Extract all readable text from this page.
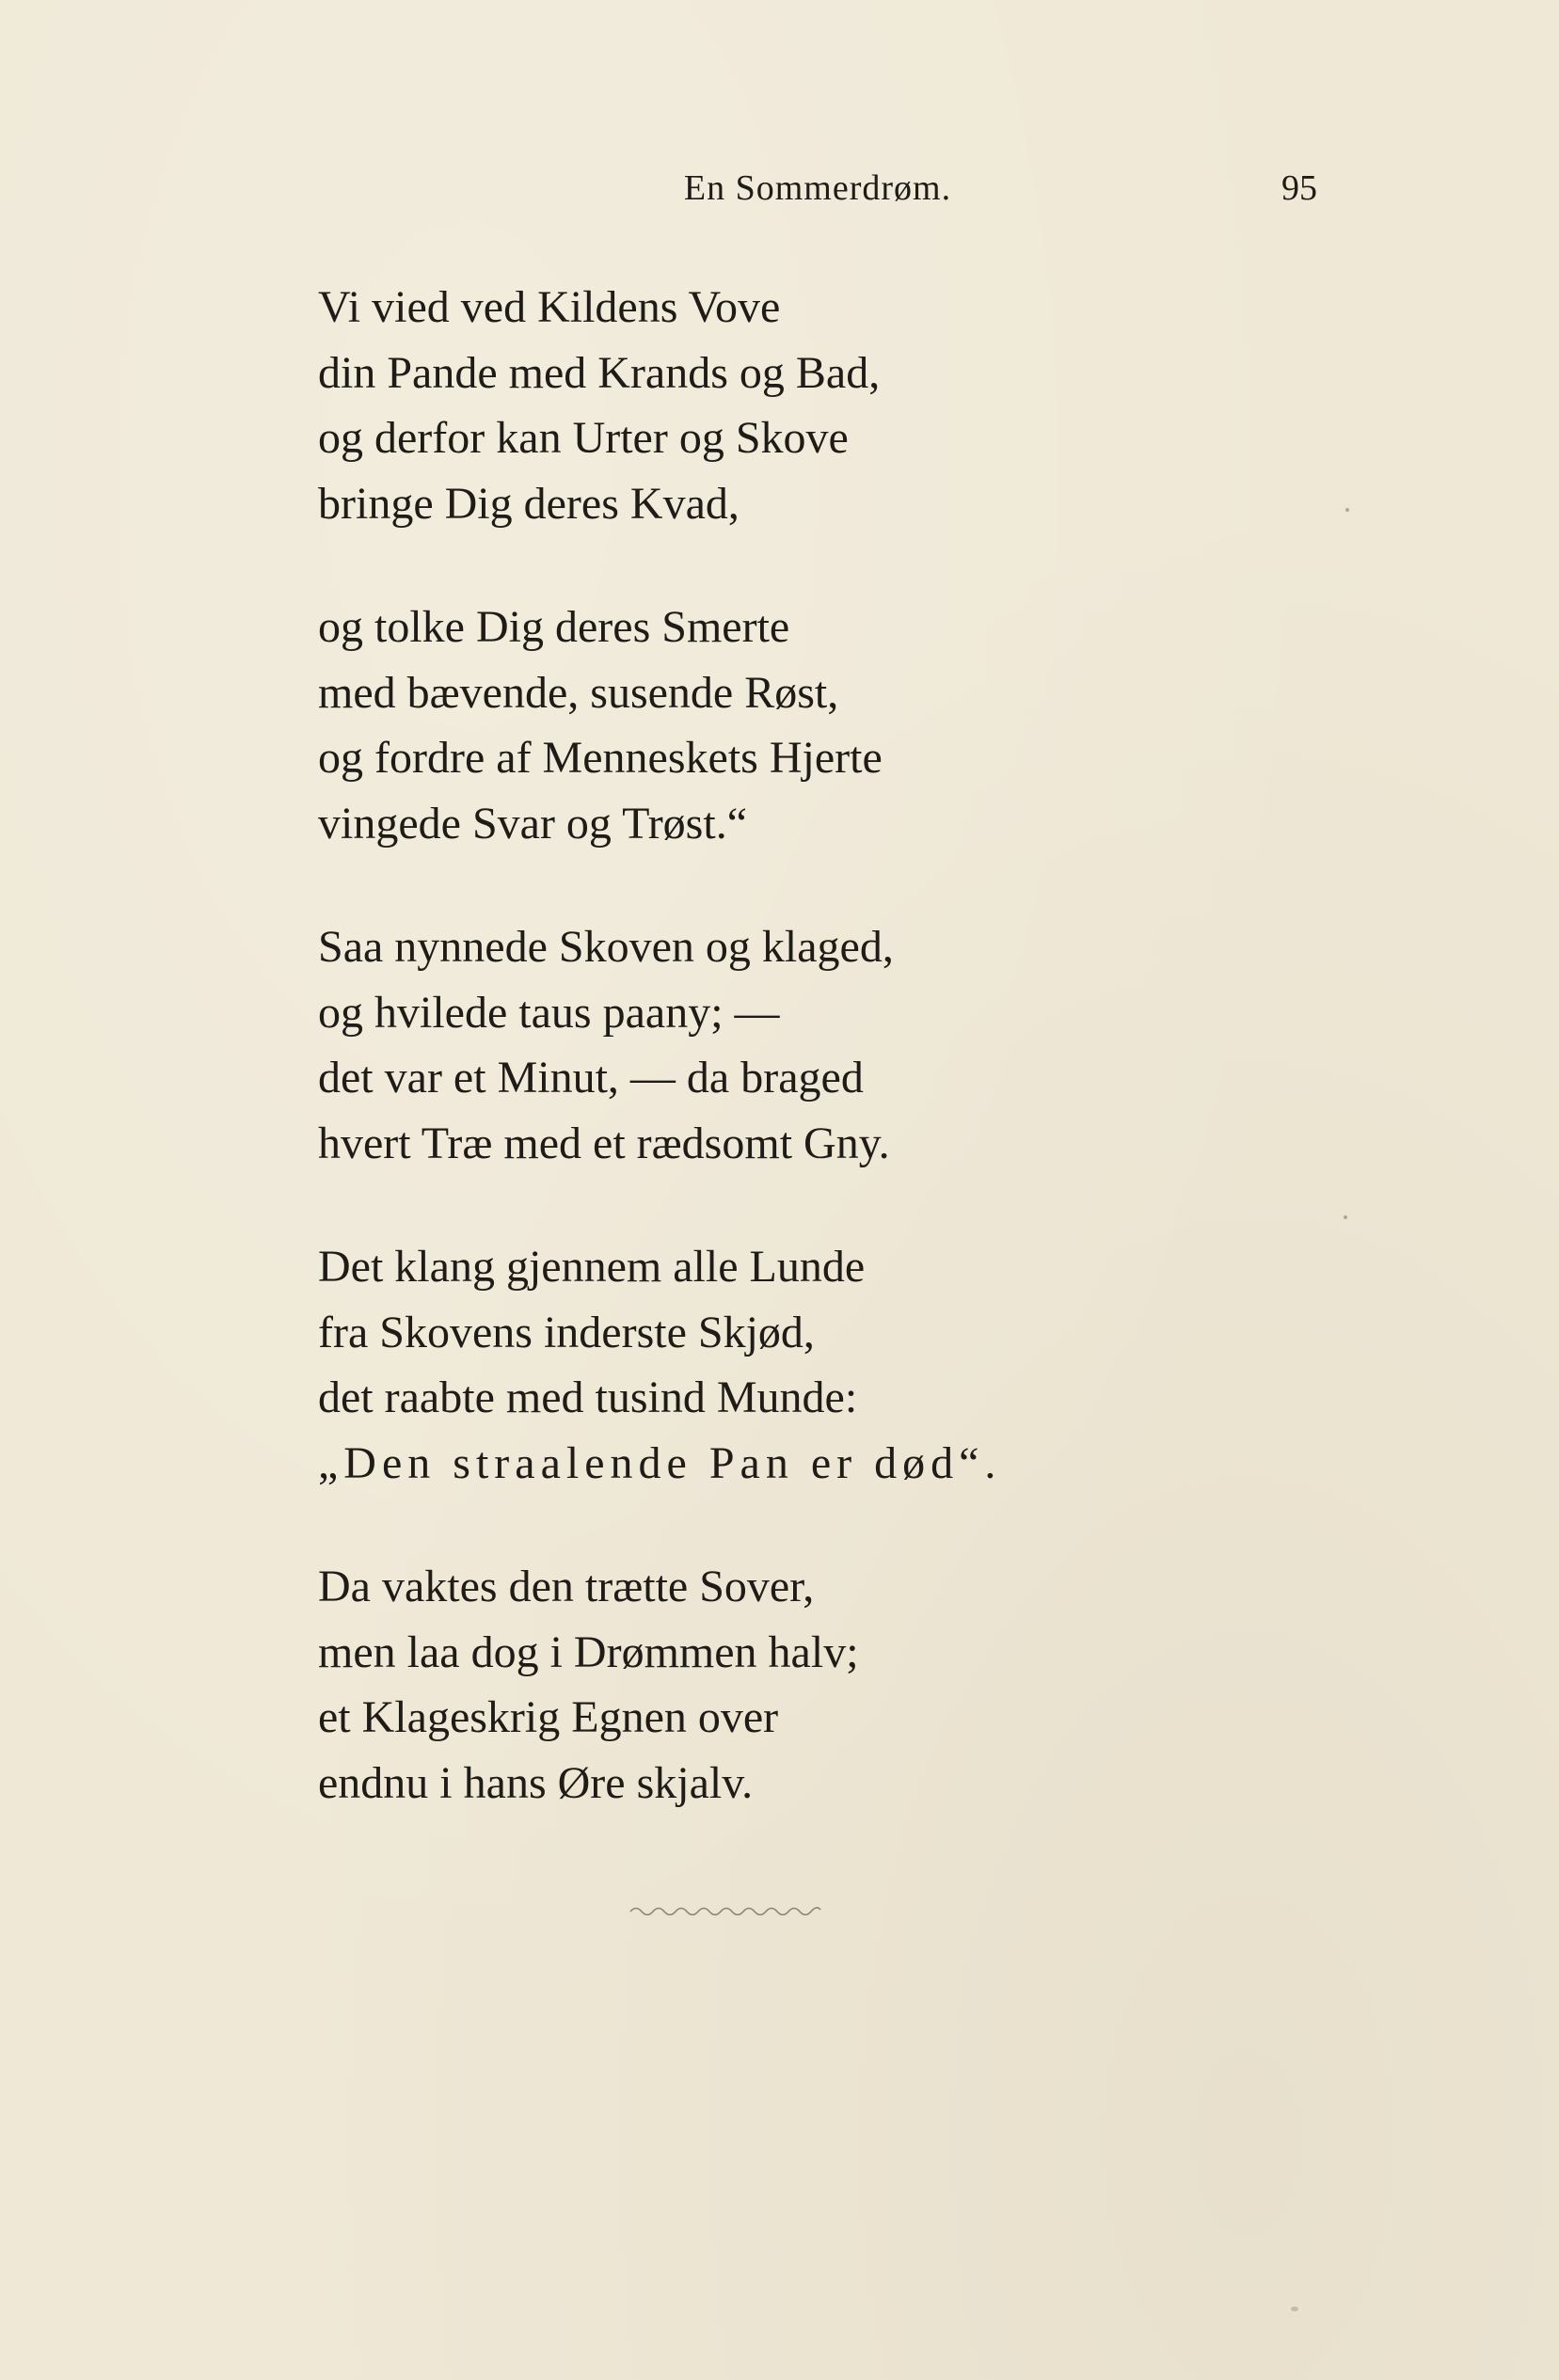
En Sommerdrøm.	95
Vi vied ved Kildens Vove
din Pande med Krands og Bad,
og derfor kan Urter og Skove
bringe Dig deres Kvad,
og tolke Dig deres Smerte
med bævende, susende Røst,
og fordre af Menneskets Hjerte
vingede Svar og Trøst.“
Saa nynnede Skoven og klaged,
og hvilede taus paany; —
det var et Minut, — da braged
hvert Træ med et rædsomt Gny.
Det klang gjennem alle Lunde
fra Skovens inderste Skjød,
det raabte med tusind Munde:
„Den straalende Pan er død“.
Da vaktes den trætte Sover,
men laa dog i Drømmen halv;
et Klageskrig Egnen over
endnu i hans Øre skjalv.
